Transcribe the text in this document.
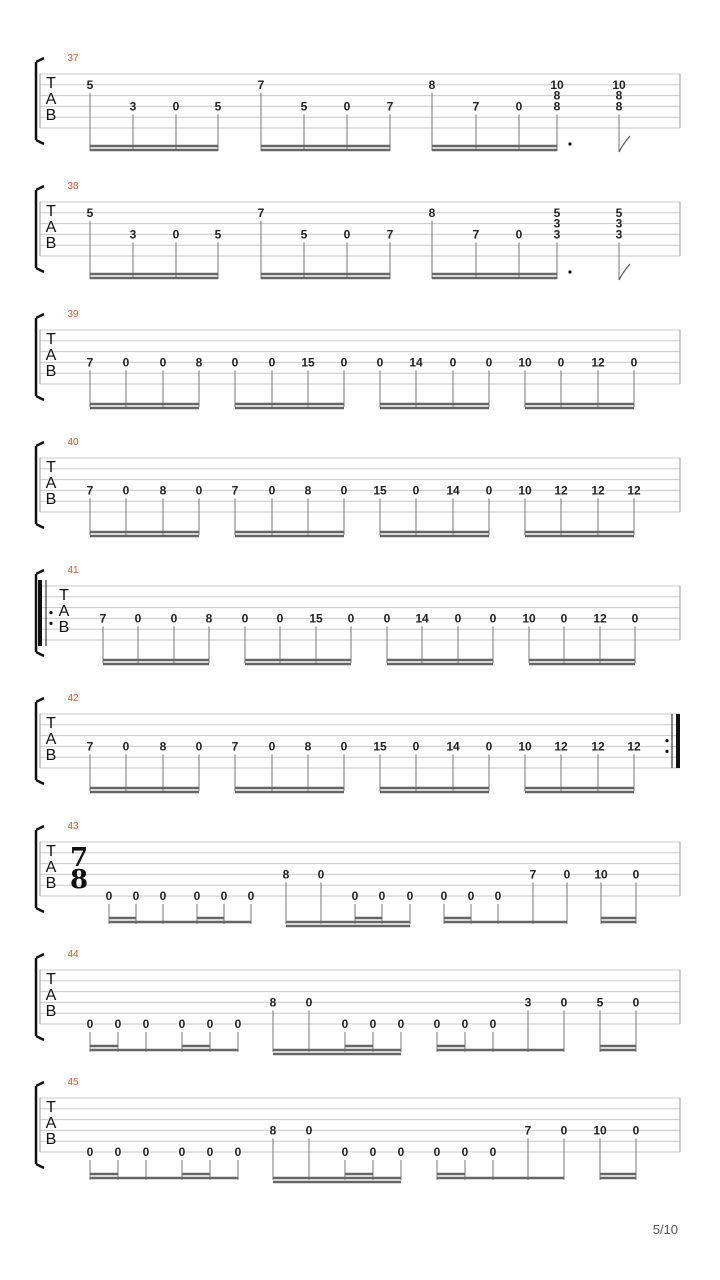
37
T
A
B
5
3	0	5
7
5	0	7
8
7	0
10
8
8
10
8
8
38
T
A
B
5
3	0	5
7
5	0	7
8
7	0
5
3
3
5
3
3
39
T
A
B
7 0	0 8 0	0 15 0 0 14 0 0 10 0 12 0
40
T
A
B
7 0	8 0 7	0 8 0 15 0 14 0 10 12 12 12
41
T
A
B
7 0 0 8 0 0 15 0 0 14 0 0 10 0 12 0
42
T
A
B
7 0	8 0 7	0 8 0 15 0 14 0 10 12 12 12
43
T
A
B
7
8
0 0 0 0 0 0
8 0
0 0 0 0 0 0
7 0 10 0
44
T
A
B
0 0 0 0 0 0
8 0
0 0 0 0 0 0
3 0 5 0
45
T
A
B
0 0 0 0 0 0
8 0
0 0 0 0 0 0
7 0 10 0
5/10
